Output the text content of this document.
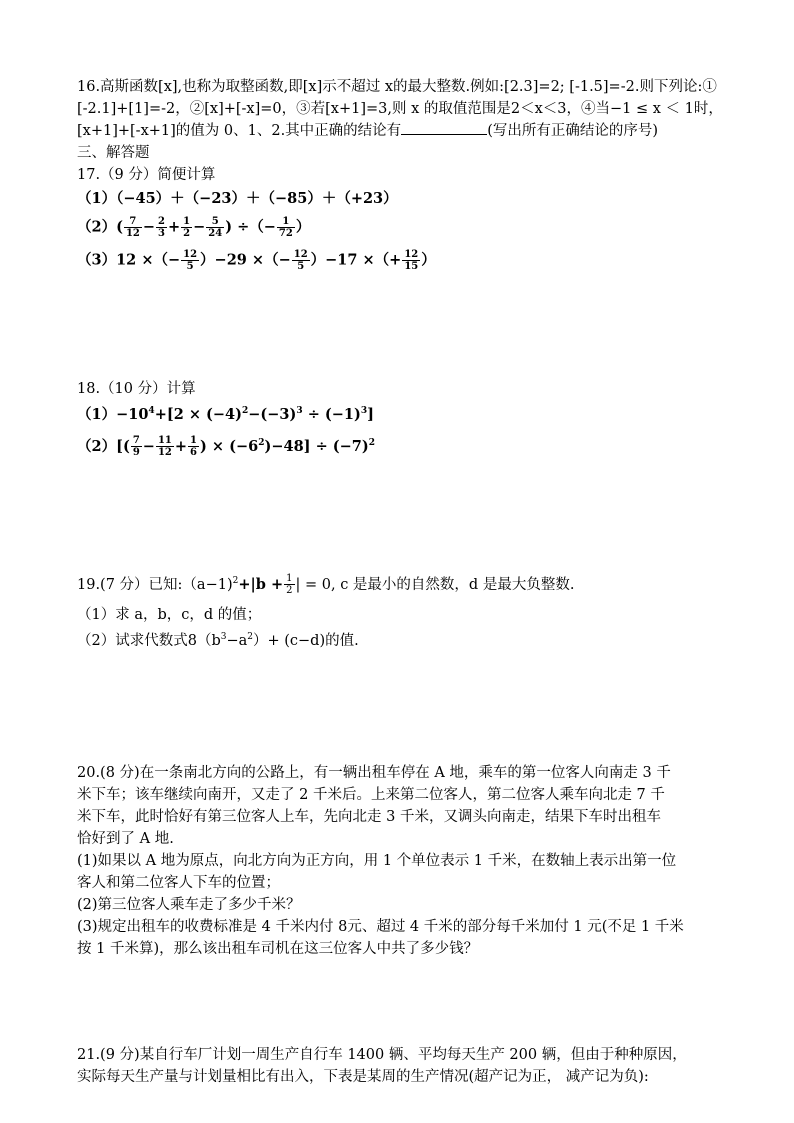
16.高斯函数[x],也称为取整函数,即[x]示不超过 x的最大整数.例如:[2.3]=2; [-1.5]=-2.则下列论:①

[-2.1]+[1]=-2，②[x]+[-x]=0，③若[x+1]=3,则 x 的取值范围是2＜x＜3，④当−1 ≤ x ＜ 1时，

[x+1]+[-x+1]的值为 0、1、2.其中正确的结论有	(写出所有正确结论的序号)

三、解答题

17.（9 分）简便计算

（1）（−45）＋（−23）＋（−85）＋（+23）

$(2)( \frac{7}{12} - \frac{2}{3} + \frac{1}{2} - \frac{5}{24}$ ) ÷（− $\frac{1}{72}$ ）

（3）12 ×（− $\frac{12}{5} )-29$ ×（− $\frac{12}{5} )-17$ ×（+ $\frac{12}{15}$ ）

18.（10 分）计算

$(1)-10^4+[2 \times (-4)^2-(-3)^3 \div (-1)^3]$

$(2)[( \frac{7}{9} - \frac{11}{12} + \frac{1}{6}$ ) × $(-6^2)-48] \div (-7)^2$

19.(7 分）已知:（a−1)$^2$+|b + $\frac{1}{2}$ | = 0, c 是最小的自然数，d 是最大负整数.

（1）求 a，b，c，d 的值；

（2）试求代数式$8(b^3-a^2)+ (c-d)$的值.

20.(8 分)在一条南北方向的公路上，有一辆出租车停在 A 地，乘车的第一位客人向南走 3 千

米下车；该车继续向南开，又走了 2 千米后。上来第二位客人，第二位客人乘车向北走 7 千

米下车，此时恰好有第三位客人上车，先向北走 3 千米，又调头向南走，结果下车时出租车

恰好到了 A 地.

(1)如果以 A 地为原点，向北方向为正方向，用 1 个单位表示 1 千米，在数轴上表示出第一位

客人和第二位客人下车的位置；

(2)第三位客人乘车走了多少千米？

(3)规定出租车的收费标准是 4 千米内付 8元、超过 4 千米的部分每千米加付 1 元(不足 1 千米

按 1 千米算)，那么该出租车司机在这三位客人中共了多少钱？

21.(9 分)某自行车厂计划一周生产自行车 1400 辆、平均每天生产 200 辆，但由于种种原因，

实际每天生产量与计划量相比有出入，下表是某周的生产情况(超产记为正， 减产记为负):
